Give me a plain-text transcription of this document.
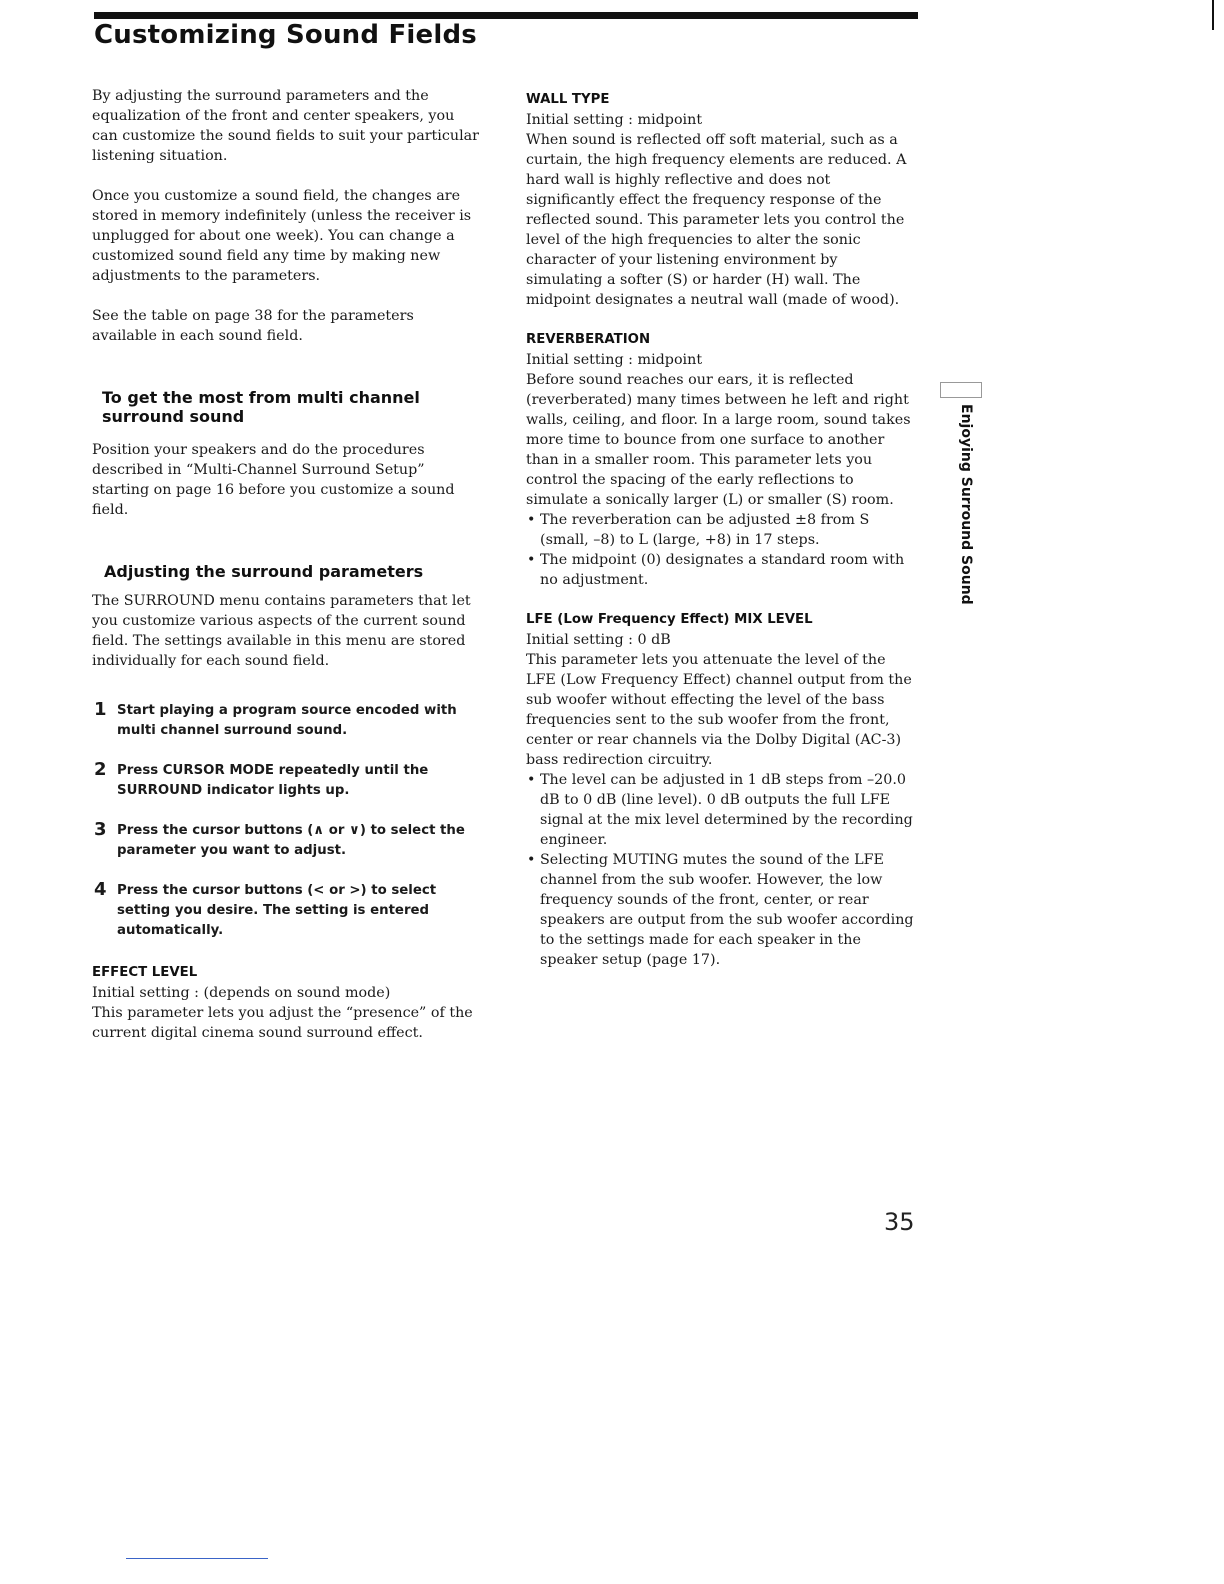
Customizing Sound Fields

By adjusting the surround parameters and the equalization of the front and center speakers, you can customize the sound fields to suit your particular listening situation.

Once you customize a sound field, the changes are stored in memory indefinitely (unless the receiver is unplugged for about one week). You can change a customized sound field any time by making new adjustments to the parameters.

See the table on page 38 for the parameters available in each sound field.

To get the most from multi channel
surround sound

Position your speakers and do the procedures described in “Multi-Channel Surround Setup” starting on page 16 before you customize a sound field.

Adjusting the surround parameters

The SURROUND menu contains parameters that let you customize various aspects of the current sound field. The settings available in this menu are stored individually for each sound field.

1 Start playing a program source encoded with multi channel surround sound.
2 Press CURSOR MODE repeatedly until the SURROUND indicator lights up.
3 Press the cursor buttons (∧ or ∨) to select the parameter you want to adjust.
4 Press the cursor buttons (< or >) to select setting you desire. The setting is entered automatically.
EFFECT LEVEL

Initial setting : (depends on sound mode)

This parameter lets you adjust the “presence” of the current digital cinema sound surround effect.

WALL TYPE

Initial setting : midpoint

When sound is reflected off soft material, such as a curtain, the high frequency elements are reduced. A hard wall is highly reflective and does not significantly effect the frequency response of the reflected sound. This parameter lets you control the level of the high frequencies to alter the sonic character of your listening environment by simulating a softer (S) or harder (H) wall. The midpoint designates a neutral wall (made of wood).

REVERBERATION

Initial setting : midpoint

Before sound reaches our ears, it is reflected (reverberated) many times between he left and right walls, ceiling, and floor. In a large room, sound takes more time to bounce from one surface to another than in a smaller room. This parameter lets you control the spacing of the early reflections to simulate a sonically larger (L) or smaller (S) room.

• The reverberation can be adjusted ±8 from S (small, –8) to L (large, +8) in 17 steps.

• The midpoint (0) designates a standard room with no adjustment.

LFE (Low Frequency Effect) MIX LEVEL

Initial setting : 0 dB

This parameter lets you attenuate the level of the LFE (Low Frequency Effect) channel output from the sub woofer without effecting the level of the bass frequencies sent to the sub woofer from the front, center or rear channels via the Dolby Digital (AC-3) bass redirection circuitry.

• The level can be adjusted in 1 dB steps from –20.0 dB to 0 dB (line level). 0 dB outputs the full LFE signal at the mix level determined by the recording engineer.

• Selecting MUTING mutes the sound of the LFE channel from the sub woofer. However, the low frequency sounds of the front, center, or rear speakers are output from the sub woofer according to the settings made for each speaker in the speaker setup (page 17).

Enjoying Surround Sound
35
